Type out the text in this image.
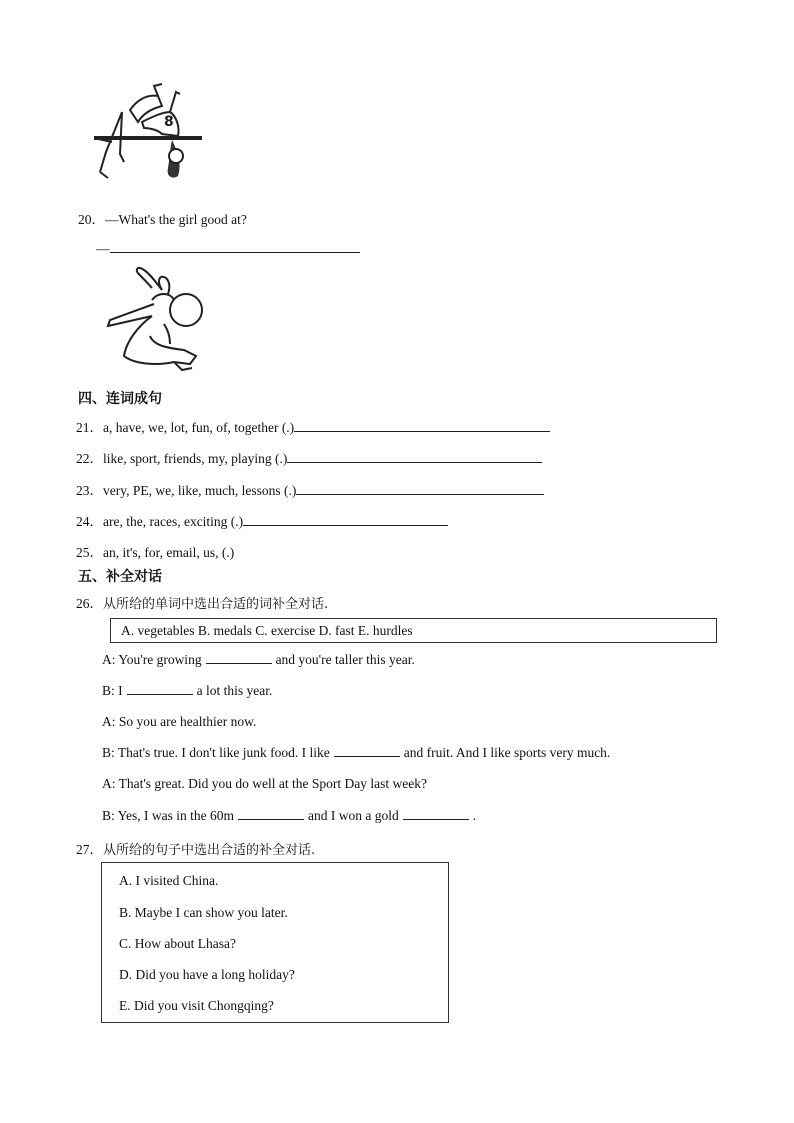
8
20．—What's the girl good at?
—
四、连词成句
21．a, have, we, lot, fun, of, together (.)
22．like, sport, friends, my, playing (.)
23．very, PE, we, like, much, lessons (.)
24．are, the, races, exciting (.)
25．an, it's, for, email, us, (.)
五、补全对话
26．从所给的单词中选出合适的词补全对话.
A. vegetables B. medals C. exercise D. fast E. hurdles
A: You're growing	and you're taller this year.
B: I	a lot this year.
A: So you are healthier now.
B: That's true. I don't like junk food. I like	and fruit. And I like sports very much.
A: That's great. Did you do well at the Sport Day last week?
B: Yes, I was in the 60m	and I won a gold	.
27．从所给的句子中选出合适的补全对话.
A. I visited China.
B. Maybe I can show you later.
C. How about Lhasa?
D. Did you have a long holiday?
E. Did you visit Chongqing?
